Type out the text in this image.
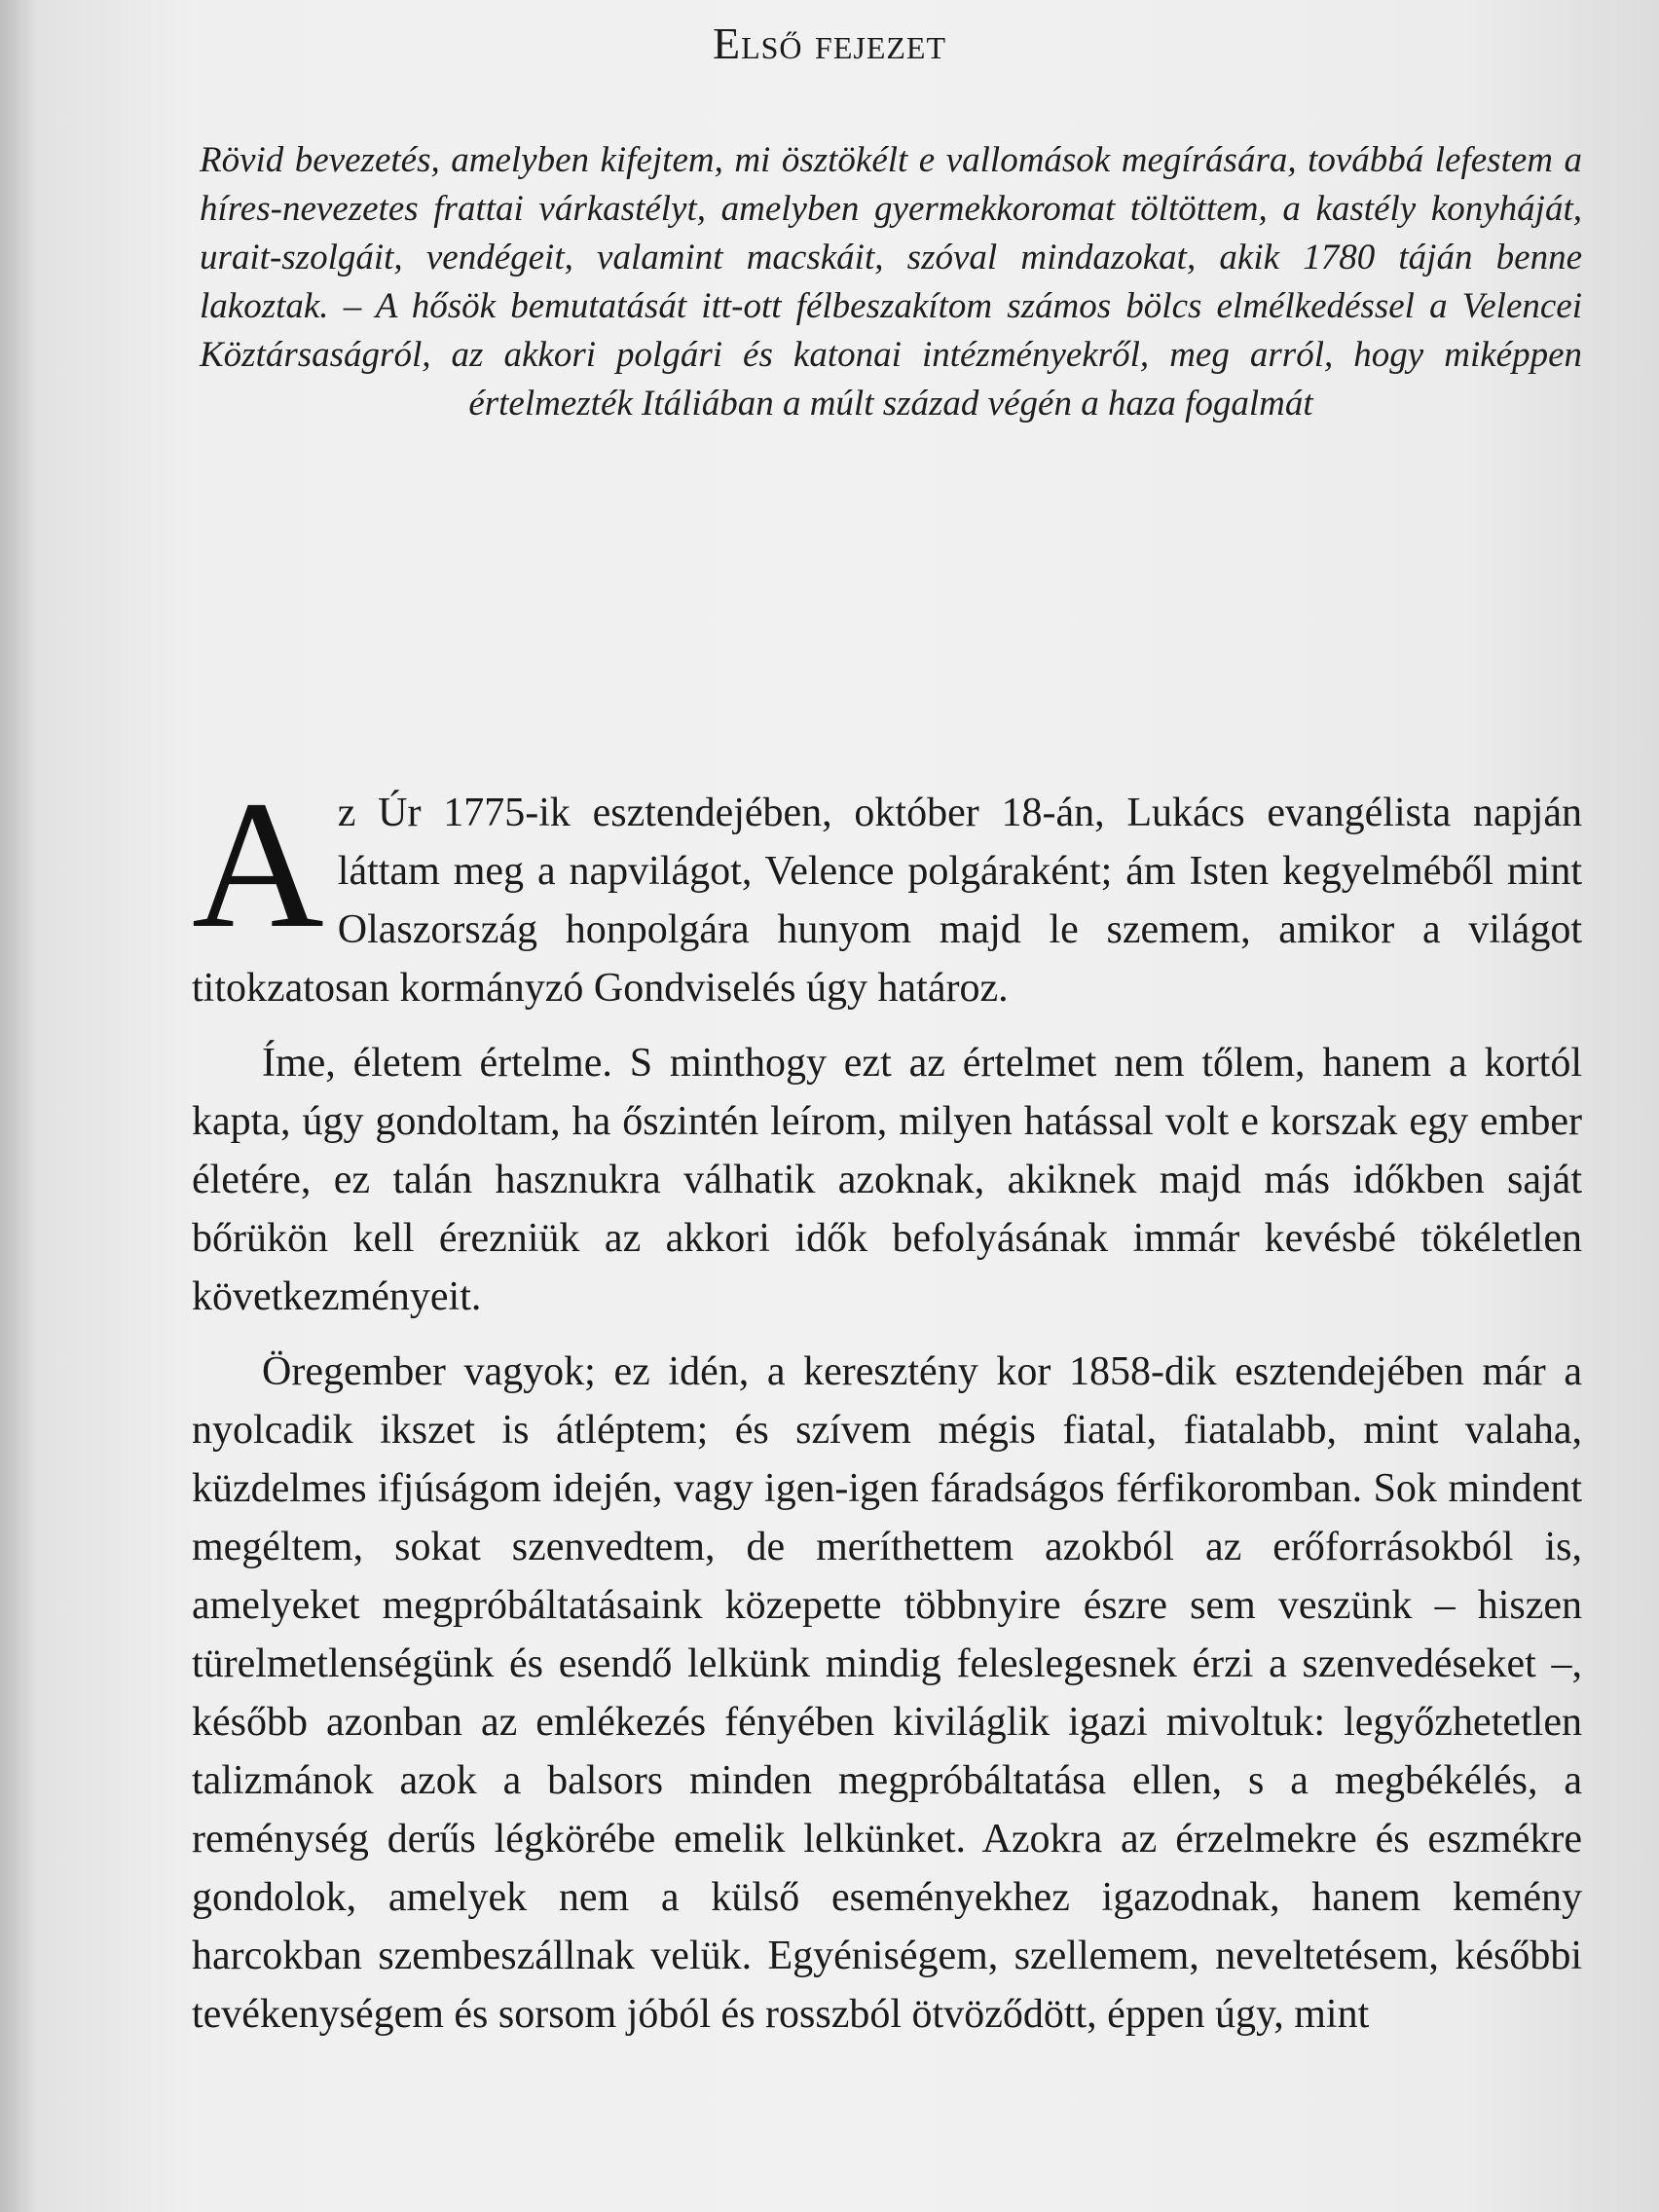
Első fejezet
Rövid bevezetés, amelyben kifejtem, mi ösztökélt e vallomások megírására, továbbá lefestem a híres-nevezetes frattai várkastélyt, amelyben gyermekkoromat töltöttem, a kastély konyháját, urait-szolgáit, vendégeit, valamint macskáit, szóval mindazokat, akik 1780 táján benne lakoztak. – A hősök bemutatását itt-ott félbeszakítom számos bölcs elmélkedéssel a Velencei Köztársaságról, az akkori polgári és katonai intézményekről, meg arról, hogy miképpen értelmezték Itáliában a múlt század végén a haza fogalmát

Az Úr 1775-ik esztendejében, október 18-án, Lukács evangélista napján láttam meg a napvilágot, Velence polgáraként; ám Isten kegyelméből mint Olaszország honpolgára hunyom majd le szemem, amikor a világot titokzatosan kormányzó Gondviselés úgy határoz.

Íme, életem értelme. S minthogy ezt az értelmet nem tőlem, hanem a kortól kapta, úgy gondoltam, ha őszintén leírom, milyen hatással volt e korszak egy ember életére, ez talán hasznukra válhatik azoknak, akiknek majd más időkben saját bőrükön kell érezniük az akkori idők befolyásának immár kevésbé tökéletlen következményeit.

Öregember vagyok; ez idén, a keresztény kor 1858-dik esztendejében már a nyolcadik ikszet is átléptem; és szívem mégis fiatal, fiatalabb, mint valaha, küzdelmes ifjúságom idején, vagy igen-igen fáradságos férfikoromban. Sok mindent megéltem, sokat szenvedtem, de meríthettem azokból az erőforrásokból is, amelyeket megpróbáltatásaink közepette többnyire észre sem veszünk – hiszen türelmetlenségünk és esendő lelkünk mindig feleslegesnek érzi a szenvedéseket –, később azonban az emlékezés fényében kiviláglik igazi mivoltuk: legyőzhetetlen talizmánok azok a balsors minden megpróbáltatása ellen, s a megbékélés, a reménység derűs légkörébe emelik lelkünket. Azokra az érzelmekre és eszmékre gondolok, amelyek nem a külső eseményekhez igazodnak, hanem kemény harcokban szembeszállnak velük. Egyéniségem, szellemem, neveltetésem, későbbi tevékenységem és sorsom jóból és rosszból ötvöződött, éppen úgy, mint
